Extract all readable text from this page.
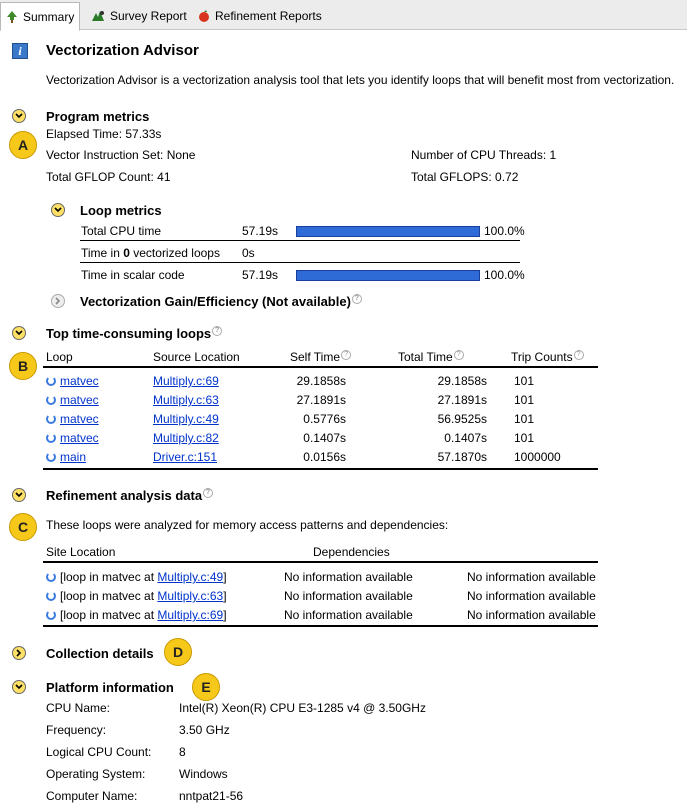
Summary	Survey Report Refinement Reports
i	Vectorization Advisor
Vectorization Advisor is a vectorization analysis tool that lets you identify loops that will benefit most from vectorization.
Program metrics
A
Elapsed Time: 57.33s
Vector Instruction Set: None
Total GFLOP Count: 41
Number of CPU Threads: 1
Total GFLOPS: 0.72
Loop metrics
Total CPU time	57.19s	100.0%
Time in 0 vectorized loops 0s
Time in scalar code	57.19s	100.0%
Vectorization Gain/Efficiency (Not available) ?
Top time-consuming loops ?
B
Loop	Source Location	Self Time ?	Total Time ?	Trip Counts ?
matvec	Multiply.c:69	29.1858s	29.1858s 101
matvec	Multiply.c:63	27.1891s	27.1891s 101
matvec	Multiply.c:49	0.5776s	56.9525s 101
matvec	Multiply.c:82	0.1407s	0.1407s 101
main	Driver.c:151	0.0156s	57.1870s 1000000
Refinement analysis data ?
C	These loops were analyzed for memory access patterns and dependencies:
Site Location	Dependencies
[loop in matvec at Multiply.c:49]	No information available	No information available
[loop in matvec at Multiply.c:63]	No information available	No information available
[loop in matvec at Multiply.c:69]	No information available	No information available
Collection details	D
Platform information	E
CPU Name:	Intel(R) Xeon(R) CPU E3-1285 v4 @ 3.50GHz
Frequency:	3.50 GHz
Logical CPU Count: 8
Operating System:	Windows
Computer Name:	nntpat21-56
